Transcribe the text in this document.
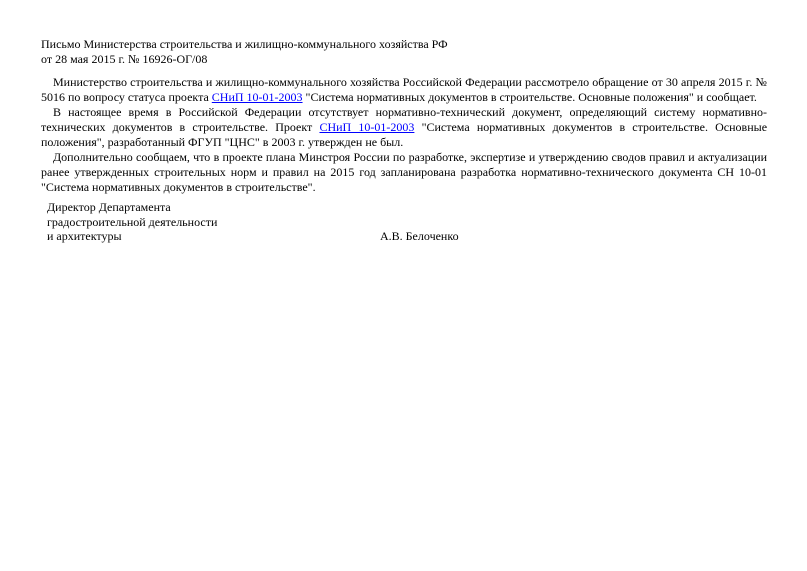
Письмо Министерства строительства и жилищно-коммунального хозяйства РФ
от 28 мая 2015 г. № 16926-ОГ/08

Министерство строительства и жилищно-коммунального хозяйства Российской Федерации рассмотрело обращение от 30 апреля 2015 г. № 5016 по вопросу статуса проекта СНиП 10-01-2003 "Система нормативных документов в строительстве. Основные положения" и сообщает.

В настоящее время в Российской Федерации отсутствует нормативно-технический документ, определяющий систему нормативно-технических документов в строительстве. Проект СНиП 10-01-2003 "Система нормативных документов в строительстве. Основные положения", разработанный ФГУП "ЦНС" в 2003 г. утвержден не был.

Дополнительно сообщаем, что в проекте плана Минстроя России по разработке, экспертизе и утверждению сводов правил и актуализации ранее утвержденных строительных норм и правил на 2015 год запланирована разработка нормативно-технического документа СН 10-01 "Система нормативных документов в строительстве".

Директор Департамента
градостроительной деятельности
и архитектуры	А.В. Белоченко
